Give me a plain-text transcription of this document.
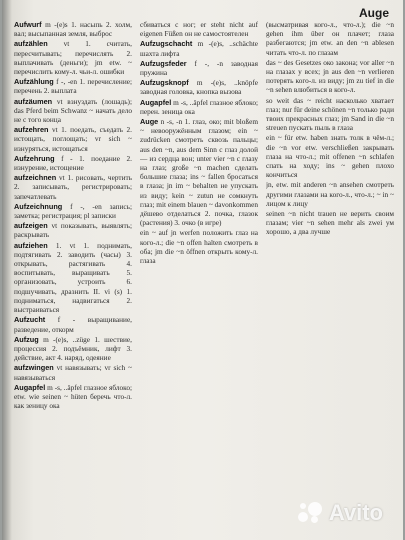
Auge
Aufwurf m -(e)s 1. насыпь 2. холм, вал; высыпанная земля, выброс
aufzählen vt 1. считать, пересчитывать; перечислять 2. выплачивать (деньги); jm etw. ~ перечислить кому-л. чьи-л. ошибки
Aufzählung f -, -en 1. перечисление; перечень 2. выплата
aufzäumen vt взнуздать (лошадь); das Pferd beim Schwanz ~ начать дело не с того конца
aufzehren vt 1. поедать, съедать 2. истощать, поглощать; vr sich ~ изнуряться, истощаться
Aufzehrung f - 1. поедание 2. изнурение, истощение
aufzeichnen vt 1. рисовать, чертить 2. записывать, регистрировать; запечатлевать
Aufzeichnung f -, -en запись; заметка; регистрация; pl записки
aufzeigen vt показывать, выявлять; раскрывать
aufziehen 1. vt 1. поднимать, подтягивать 2. заводить (часы) 3. открывать, растягивать 4. воспитывать, выращивать 5. организовать, устроить 6. подшучивать, дразнить II. vi (s) 1. подниматься, надвигаться 2. выстраиваться
Aufzucht f - выращивание, разведение, откорм
Aufzug m -(e)s, ..züge 1. шествие, процессия 2. подъёмник, лифт 3. действие, акт 4. наряд, одеяние
aufzwingen vt навязывать; vr sich ~ навязываться
Augapfel m -s, ..äpfel глазное яблоко; etw. wie seinen ~ hüten беречь что-л. как зеницу ока
сбиваться с ног; er steht nicht auf eigenen Füßen он не самостоятелен
Aufzugschacht m -(e)s, ..schächte шахта лифта
Aufzugsfeder f -, -n заводная пружина
Aufzugsknopf m -(e)s, ..knöpfe заводная головка, кнопка вызова
Augapfel m -s, ..äpfel глазное яблоко; перен. зеница ока
Auge n -s, -n 1. глаз, око; mit bloßem ~ невооружённым глазом; ein ~ zudrücken смотреть сквозь пальцы; aus den ~n, aus dem Sinn с глаз долой — из сердца вон; unter vier ~n с глазу на глаз; große ~n machen сделать большие глаза; ins ~ fallen бросаться в глаза; jn im ~ behalten не упускать из виду; kein ~ zutun не сомкнуть глаз; mit einem blauen ~ davonkommen дёшево отделаться 2. почка, глазок (растения) 3. очко (в игре)
ein ~ auf jn werfen положить глаз на кого-л.; die ~n offen halten смотреть в оба; jm die ~n öffnen открыть кому-л. глаза
(высматривая кого-л., что-л.); die ~n gehen ihm über он плачет; глаза разбегаются; jm etw. an den ~n ablesen читать что-л. по глазам
das ~ des Gesetzes око закона; vor aller ~n на глазах у всех; jn aus den ~n verlieren потерять кого-л. из виду; jm zu tief in die ~n sehen влюбиться в кого-л.
so weit das ~ reicht насколько хватает глаз; nur für deine schönen ~n только ради твоих прекрасных глаз; jm Sand in die ~n streuen пускать пыль в глаза
ein ~ für etw. haben знать толк в чём-л.; die ~n vor etw. verschließen закрывать глаза на что-л.; mit offenen ~n schlafen спать на ходу; ins ~ gehen плохо кончиться
jn, etw. mit anderen ~n ansehen смотреть другими глазами на кого-л., что-л.; ~ in ~ лицом к лицу
seinen ~n nicht trauen не верить своим глазам; vier ~n sehen mehr als zwei ум хорошо, а два лучше
Avito
